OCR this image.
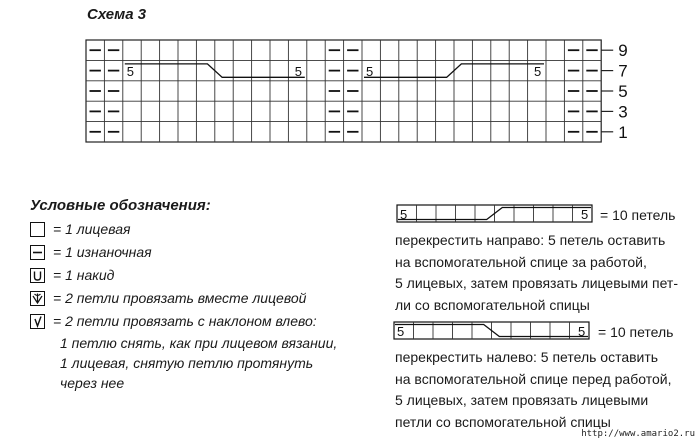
Схема 3
5	5	5	5
9
7
5
3
1
Условные обозначения:
= 1 лицевая
= 1 изнаночная
= 1 накид
= 2 петли провязать вместе лицевой
= 2 петли провязать с наклоном влево:
1 петлю снять, как при лицевом вязании,
1 лицевая, снятую петлю протянуть
через нее
5	5 = 10 петель
перекрестить направо: 5 петель оставить
на вспомогательной спице за работой,
5 лицевых, затем провязать лицевыми пет-
ли со вспомогательной спицы
5	5 = 10 петель
перекрестить налево: 5 петель оставить
на вспомогательной спице перед работой,
5 лицевых, затем провязать лицевыми
петли со вспомогательной спицы
http://www.amario2.ru
